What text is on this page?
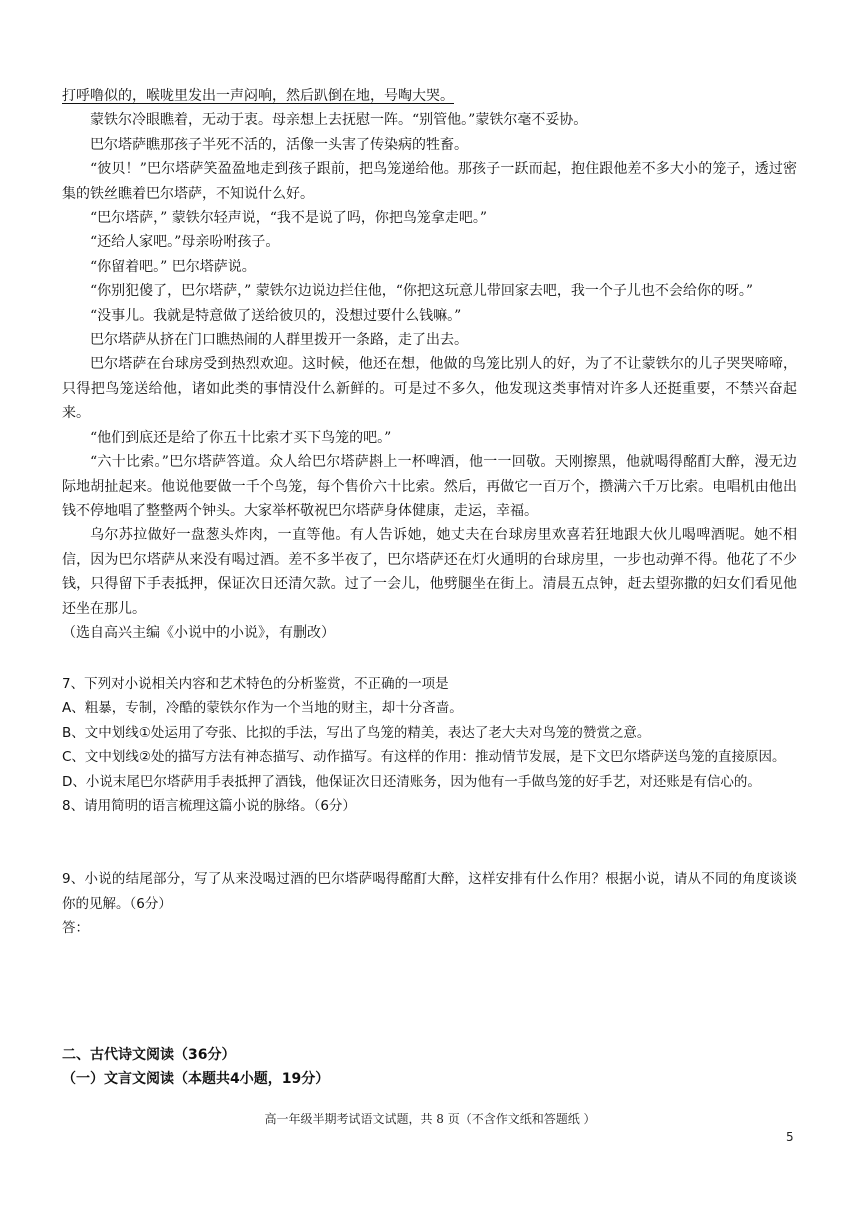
打呼噜似的，喉咙里发出一声闷响，然后趴倒在地，号啕大哭。

蒙铁尔冷眼瞧着，无动于衷。母亲想上去抚慰一阵。“别管他。”蒙铁尔毫不妥协。

巴尔塔萨瞧那孩子半死不活的，活像一头害了传染病的牲畜。

“彼贝！”巴尔塔萨笑盈盈地走到孩子跟前，把鸟笼递给他。那孩子一跃而起，抱住跟他差不多大小的笼子，透过密集的铁丝瞧着巴尔塔萨，不知说什么好。

“巴尔塔萨，” 蒙铁尔轻声说，“我不是说了吗，你把鸟笼拿走吧。”

“还给人家吧。”母亲吩咐孩子。

“你留着吧。” 巴尔塔萨说。

“你别犯傻了，巴尔塔萨，” 蒙铁尔边说边拦住他，“你把这玩意儿带回家去吧，我一个子儿也不会给你的呀。”

“没事儿。我就是特意做了送给彼贝的，没想过要什么钱嘛。”

巴尔塔萨从挤在门口瞧热闹的人群里拨开一条路，走了出去。

巴尔塔萨在台球房受到热烈欢迎。这时候，他还在想，他做的鸟笼比别人的好，为了不让蒙铁尔的儿子哭哭啼啼，只得把鸟笼送给他，诸如此类的事情没什么新鲜的。可是过不多久，他发现这类事情对许多人还挺重要，不禁兴奋起来。

“他们到底还是给了你五十比索才买下鸟笼的吧。”

“六十比索。”巴尔塔萨答道。众人给巴尔塔萨斟上一杯啤酒，他一一回敬。天刚擦黑，他就喝得酩酊大醉，漫无边际地胡扯起来。他说他要做一千个鸟笼，每个售价六十比索。然后，再做它一百万个，攒满六千万比索。电唱机由他出钱不停地唱了整整两个钟头。大家举杯敬祝巴尔塔萨身体健康，走运，幸福。

乌尔苏拉做好一盘葱头炸肉，一直等他。有人告诉她，她丈夫在台球房里欢喜若狂地跟大伙儿喝啤酒呢。她不相信，因为巴尔塔萨从来没有喝过酒。差不多半夜了，巴尔塔萨还在灯火通明的台球房里，一步也动弹不得。他花了不少钱，只得留下手表抵押，保证次日还清欠款。过了一会儿，他劈腿坐在街上。清晨五点钟，赶去望弥撒的妇女们看见他还坐在那儿。

（选自高兴主编《小说中的小说》，有删改）

7、下列对小说相关内容和艺术特色的分析鉴赏，不正确的一项是

A、粗暴，专制，冷酷的蒙铁尔作为一个当地的财主，却十分吝啬。

B、文中划线①处运用了夸张、比拟的手法，写出了鸟笼的精美，表达了老大夫对鸟笼的赞赏之意。

C、文中划线②处的描写方法有神态描写、动作描写。有这样的作用：推动情节发展，是下文巴尔塔萨送鸟笼的直接原因。

D、小说末尾巴尔塔萨用手表抵押了酒钱，他保证次日还清账务，因为他有一手做鸟笼的好手艺，对还账是有信心的。

8、请用简明的语言梳理这篇小说的脉络。（6分）

9、小说的结尾部分，写了从来没喝过酒的巴尔塔萨喝得酩酊大醉，这样安排有什么作用？根据小说，请从不同的角度谈谈你的见解。（6分）

答：

二、古代诗文阅读（36分）

（一）文言文阅读（本题共4小题，19分）

高一年级半期考试语文试题，共 8 页（不含作文纸和答题纸 ）
5
